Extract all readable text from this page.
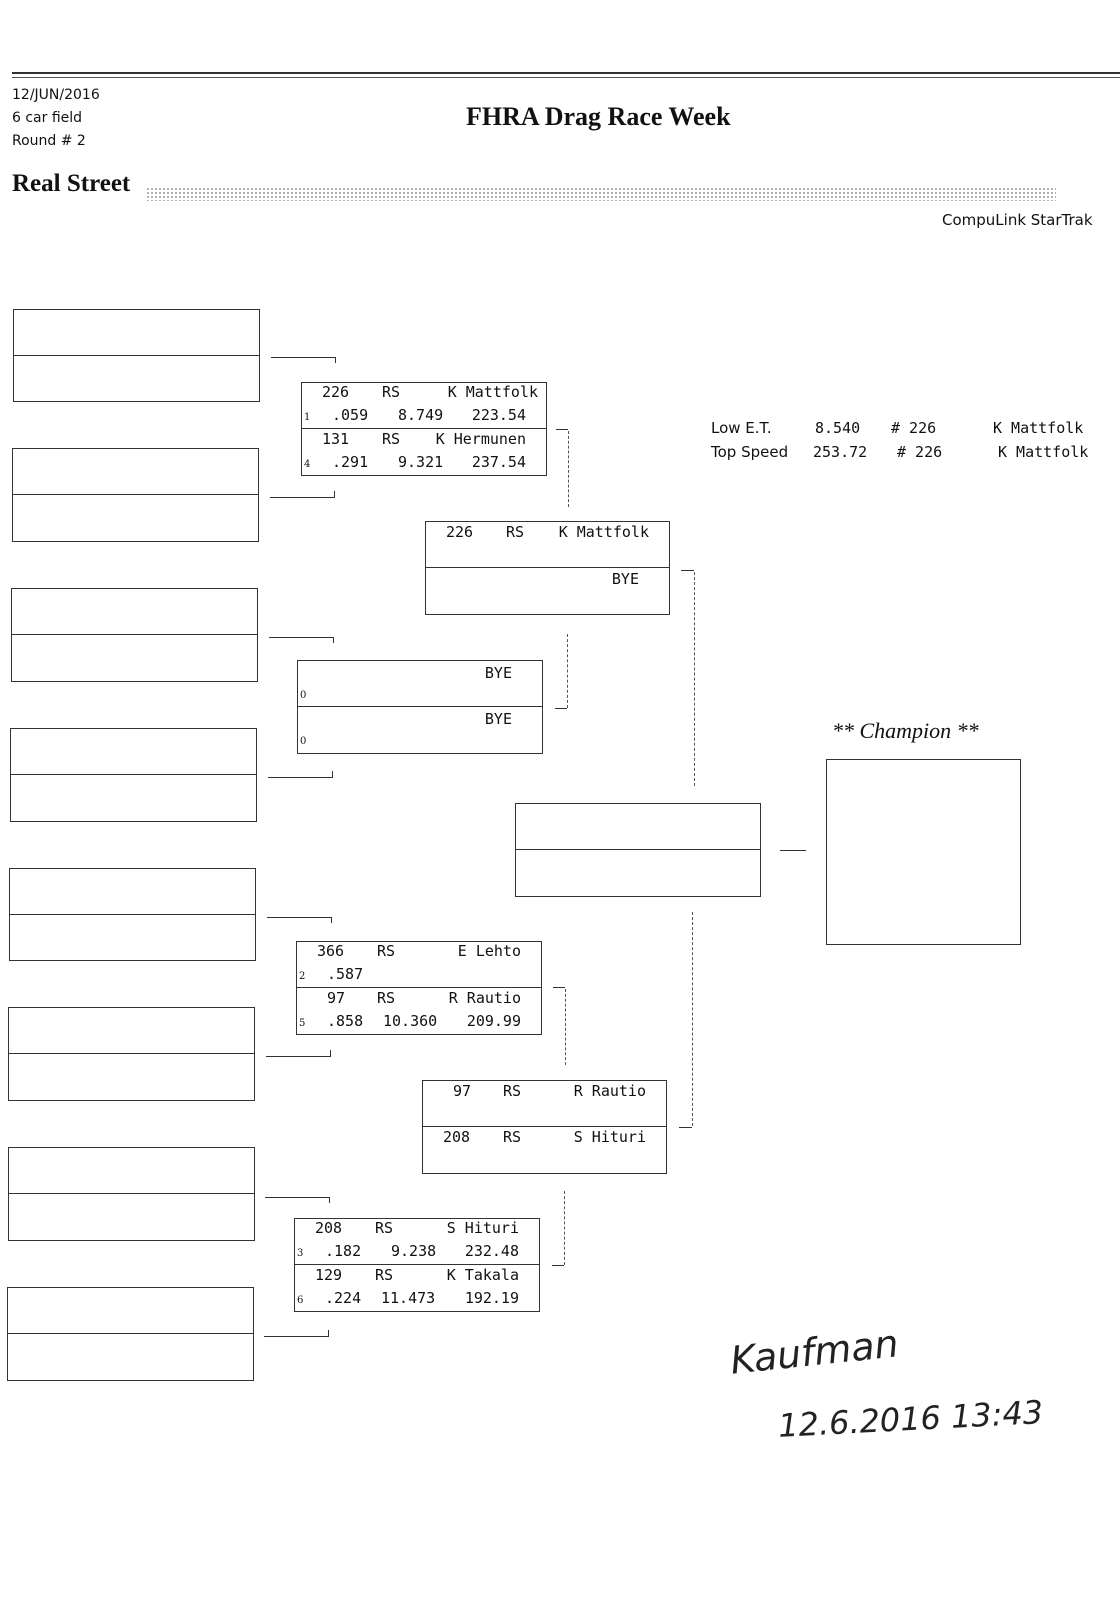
12/JUN/2016
6 car field
Round # 2
FHRA Drag Race Week
Real Street
CompuLink StarTrak
226 RS	K Mattfolk
1 .059 8.749 223.54
131 RS K Hermunen
4 .291 9.321 237.54
BYE
0
BYE
0
366 RS	E Lehto
2 .587
97 RS	R Rautio
5 .858 10.360 209.99
208 RS	S Hituri
3 .182 9.238 232.48
129 RS	K Takala
6 .224 11.473 192.19
226 RS K Mattfolk
BYE
97 RS	R Rautio
208 RS	S Hituri
Low E.T.	8.540 # 226	K Mattfolk
Top Speed 253.72 # 226	K Mattfolk
** Champion **
Kaufman
12.6.2016 13:43
